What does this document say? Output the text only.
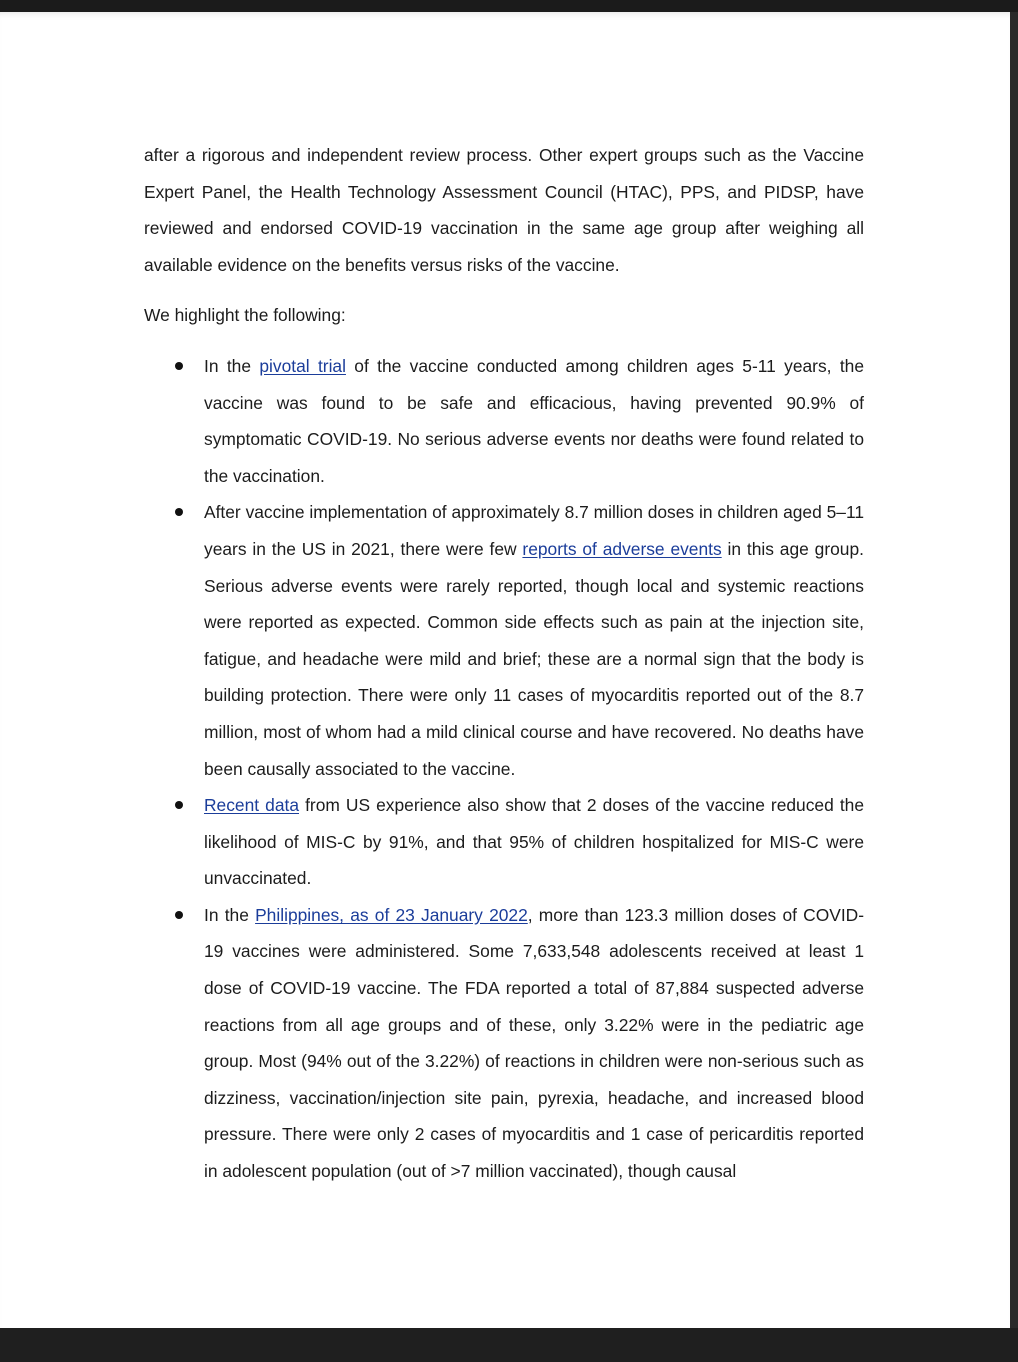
after a rigorous and independent review process. Other expert groups such as the Vaccine Expert Panel, the Health Technology Assessment Council (HTAC), PPS, and PIDSP, have reviewed and endorsed COVID-19 vaccination in the same age group after weighing all available evidence on the benefits versus risks of the vaccine.

We highlight the following:

In the pivotal trial of the vaccine conducted among children ages 5-11 years, the vaccine was found to be safe and efficacious, having prevented 90.9% of symptomatic COVID-19. No serious adverse events nor deaths were found related to the vaccination.
After vaccine implementation of approximately 8.7 million doses in children aged 5–11 years in the US in 2021, there were few reports of adverse events in this age group. Serious adverse events were rarely reported, though local and systemic reactions were reported as expected. Common side effects such as pain at the injection site, fatigue, and headache were mild and brief; these are a normal sign that the body is building protection. There were only 11 cases of myocarditis reported out of the 8.7 million, most of whom had a mild clinical course and have recovered. No deaths have been causally associated to the vaccine.
Recent data from US experience also show that 2 doses of the vaccine reduced the likelihood of MIS-C by 91%, and that 95% of children hospitalized for MIS-C were unvaccinated.
In the Philippines, as of 23 January 2022, more than 123.3 million doses of COVID-19 vaccines were administered. Some 7,633,548 adolescents received at least 1 dose of COVID-19 vaccine. The FDA reported a total of 87,884 suspected adverse reactions from all age groups and of these, only 3.22% were in the pediatric age group. Most (94% out of the 3.22%) of reactions in children were non-serious such as dizziness, vaccination/injection site pain, pyrexia, headache, and increased blood pressure. There were only 2 cases of myocarditis and 1 case of pericarditis reported in adolescent population (out of >7 million vaccinated), though causal
